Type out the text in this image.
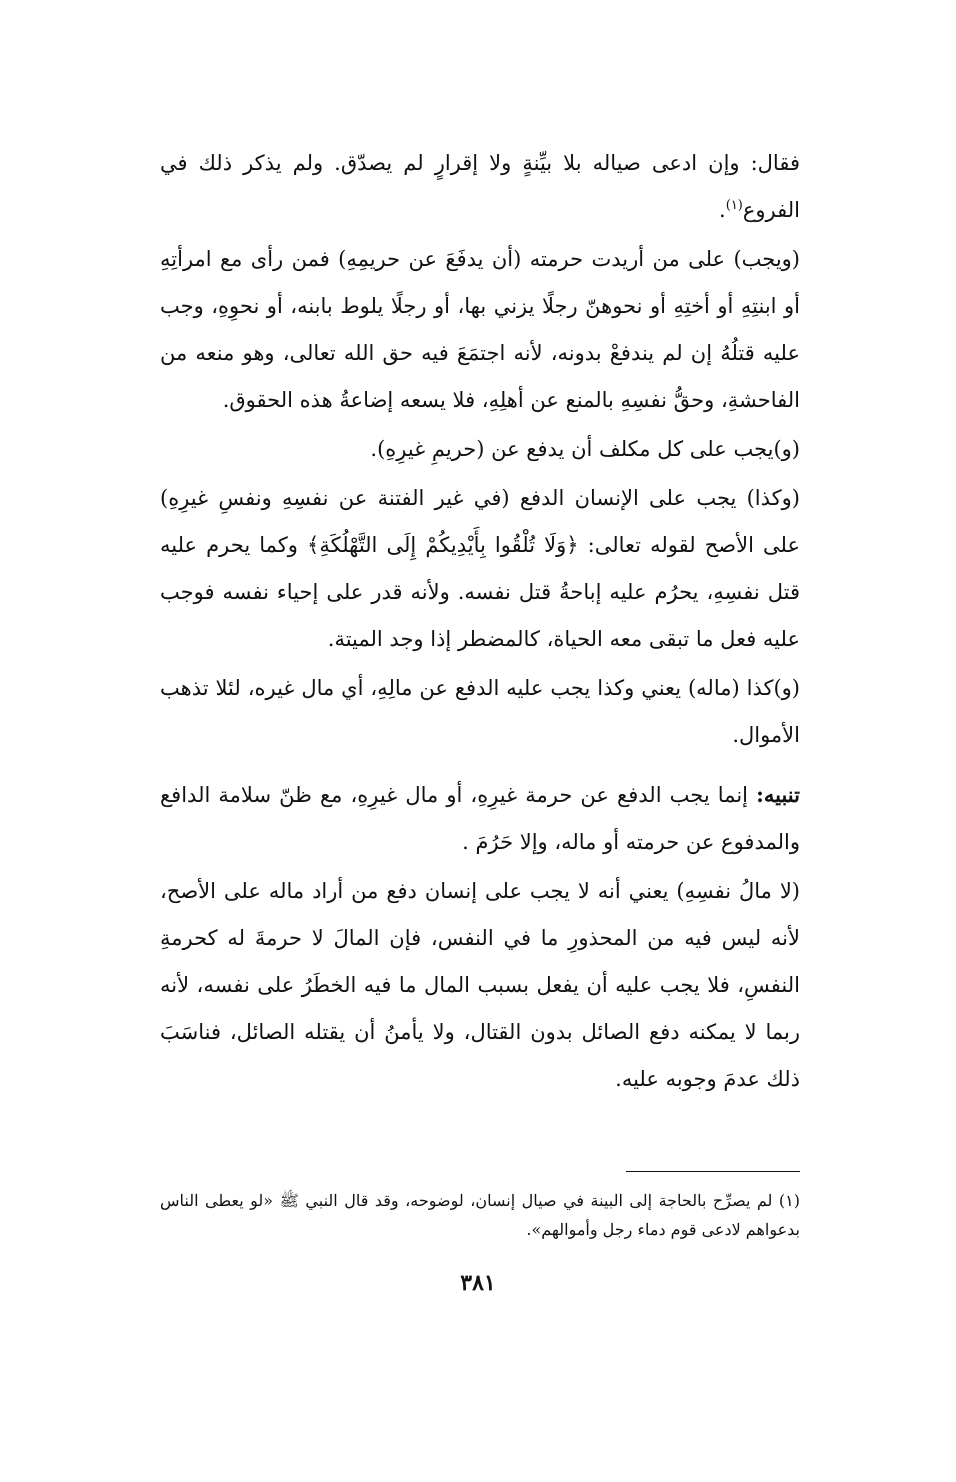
فقال: وإن ادعى صياله بلا بيِّنةٍ ولا إقرارٍ لم يصدّق. ولم يذكر ذلك في الفروع$^{(١)}$.

(ويجب) على من أريدت حرمته (أن يدفَعَ عن حريمِهِ) فمن رأى مع امرأتِهِ أو ابنتِهِ أو أختِهِ أو نحوهنّ رجلًا يزني بها، أو رجلًا يلوط بابنه، أو نحوِهِ، وجب عليه قتلُهُ إن لم يندفعْ بدونه، لأنه اجتمَعَ فيه حق الله تعالى، وهو منعه من الفاحشةِ، وحقُّ نفسِهِ بالمنع عن أهلِهِ، فلا يسعه إضاعةُ هذه الحقوق.

(و)يجب على كل مكلف أن يدفع عن (حريمِ غيرِهِ).

(وكذا) يجب على الإنسان الدفع (في غير الفتنة عن نفسِهِ ونفسِ غيرِهِ) على الأصح لقوله تعالى: ﴿وَلَا تُلْقُوا بِأَيْدِيكُمْ إِلَى التَّهْلُكَةِ﴾ وكما يحرم عليه قتل نفسِهِ، يحرُم عليه إباحةُ قتل نفسه. ولأنه قدر على إحياء نفسه فوجب عليه فعل ما تبقى معه الحياة، كالمضطر إذا وجد الميتة.

(و)كذا (ماله) يعني وكذا يجب عليه الدفع عن مالِهِ، أي مال غيره، لئلا تذهب الأموال.

تنبيه: إنما يجب الدفع عن حرمة غيرِهِ، أو مال غيرِهِ، مع ظنّ سلامة الدافع والمدفوع عن حرمته أو ماله، وإلا حَرُمَ .

(لا مالُ نفسِهِ) يعني أنه لا يجب على إنسان دفع من أراد ماله على الأصح، لأنه ليس فيه من المحذورِ ما في النفس، فإن المالَ لا حرمةَ له كحرمةِ النفسِ، فلا يجب عليه أن يفعل بسبب المال ما فيه الخطَرُ على نفسه، لأنه ربما لا يمكنه دفع الصائل بدون القتال، ولا يأمنُ أن يقتله الصائل، فناسَبَ ذلك عدمَ وجوبه عليه.

(١) لم يصرِّح بالحاجة إلى البينة في صيال إنسان، لوضوحه، وقد قال النبي ﷺ «لو يعطى الناس بدعواهم لادعى قوم دماء رجل وأموالهم».

٣٨١
